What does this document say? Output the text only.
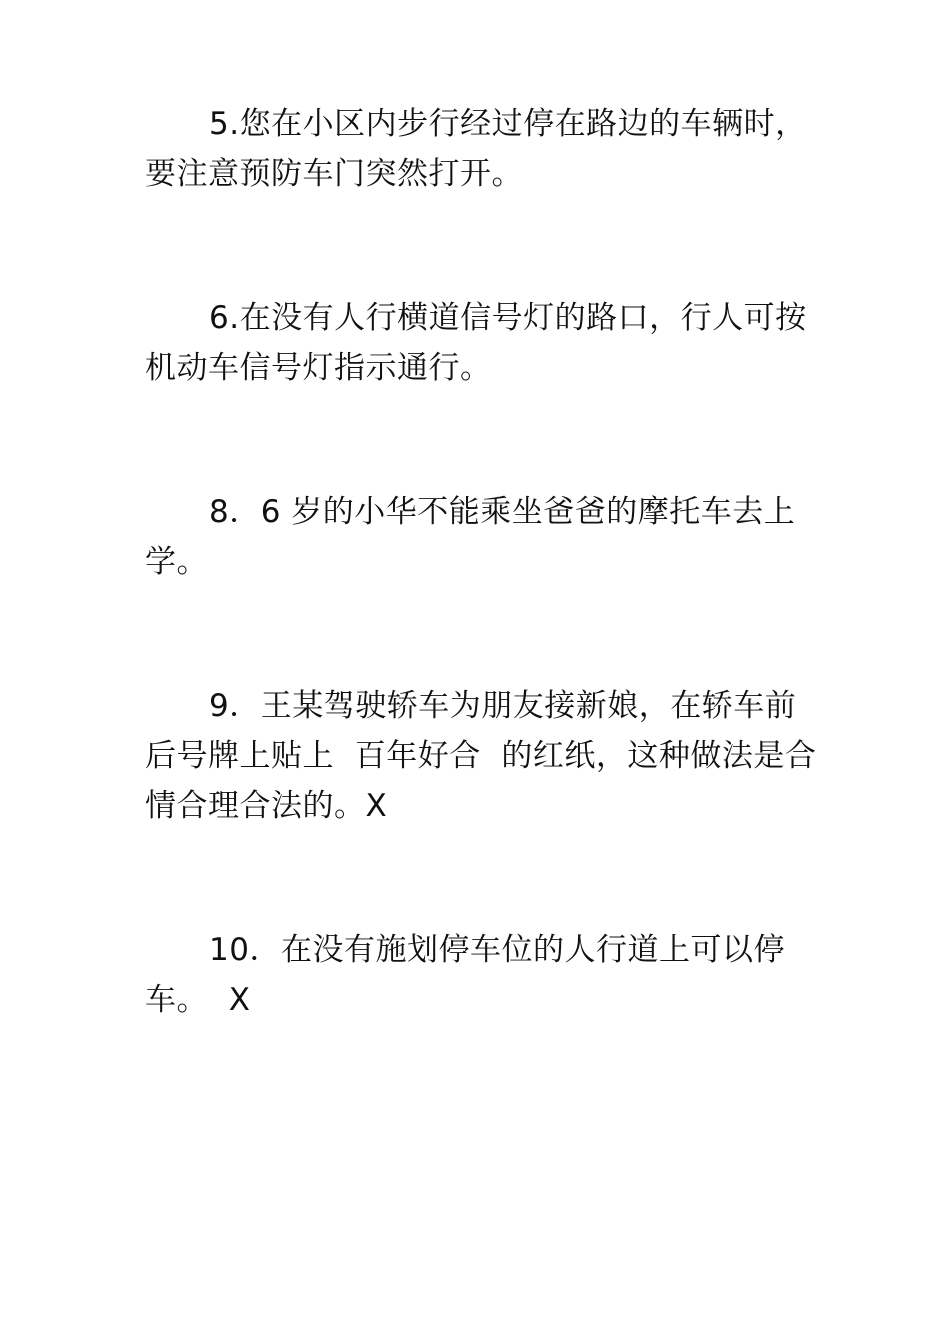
5.您在小区内步行经过停在路边的车辆时，要注意预防车门突然打开。

6.在没有人行横道信号灯的路口，行人可按机动车信号灯指示通行。

8．6 岁的小华不能乘坐爸爸的摩托车去上学。

9．王某驾驶轿车为朋友接新娘，在轿车前后号牌上贴上  百年好合  的红纸，这种做法是合情合理合法的。X

10．在没有施划停车位的人行道上可以停车。  X
